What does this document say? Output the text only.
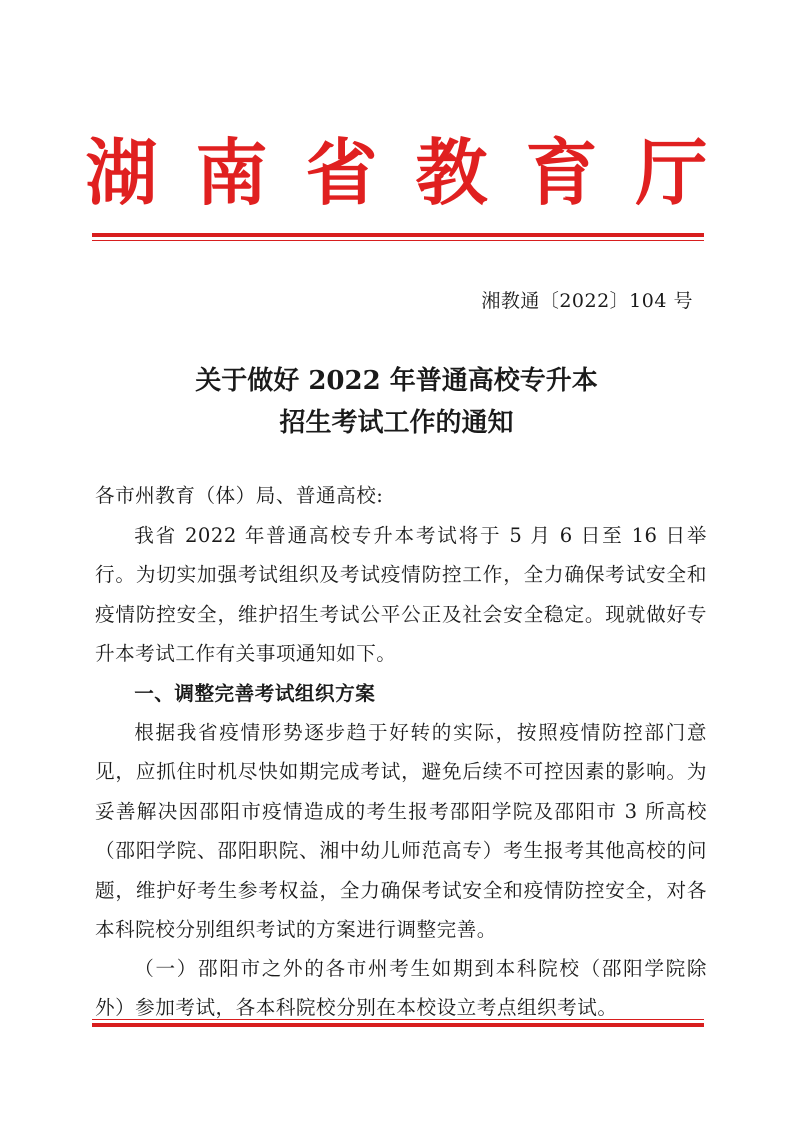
湖南省教育厅
湘教通〔2022〕104 号
关于做好 2022 年普通高校专升本
招生考试工作的通知
各市州教育（体）局、普通高校:

我省 2022 年普通高校专升本考试将于 5 月 6 日至 16 日举行。为切实加强考试组织及考试疫情防控工作，全力确保考试安全和疫情防控安全，维护招生考试公平公正及社会安全稳定。现就做好专升本考试工作有关事项通知如下。

一、调整完善考试组织方案

根据我省疫情形势逐步趋于好转的实际，按照疫情防控部门意见，应抓住时机尽快如期完成考试，避免后续不可控因素的影响。为妥善解决因邵阳市疫情造成的考生报考邵阳学院及邵阳市 3 所高校（邵阳学院、邵阳职院、湘中幼儿师范高专）考生报考其他高校的问题，维护好考生参考权益，全力确保考试安全和疫情防控安全，对各本科院校分别组织考试的方案进行调整完善。

（一）邵阳市之外的各市州考生如期到本科院校（邵阳学院除外）参加考试，各本科院校分别在本校设立考点组织考试。
